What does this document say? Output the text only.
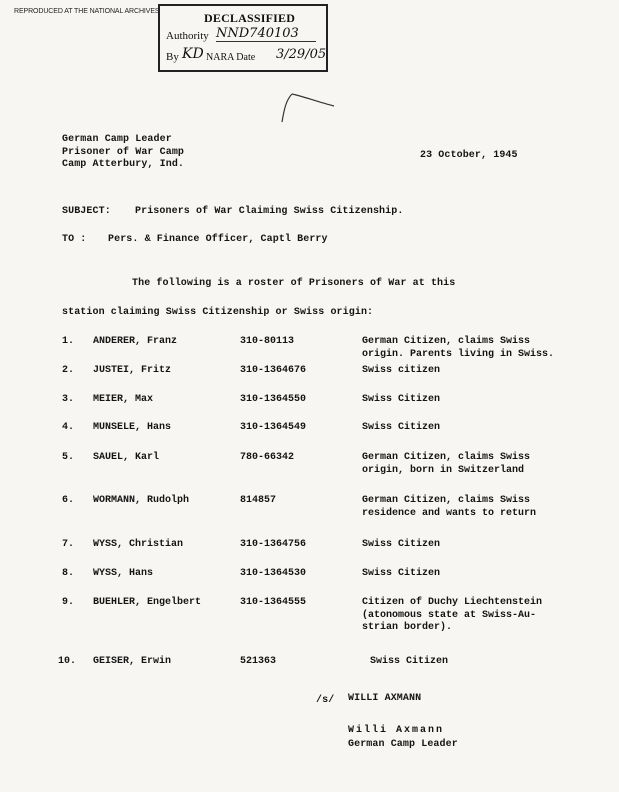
REPRODUCED AT THE NATIONAL ARCHIVES	DECLASSIFIED
Authority NND740103
By KD NARA Date 3/29/05
German Camp Leader
Prisoner of War Camp
Camp Atterbury, Ind.
23 October, 1945
SUBJECT: Prisoners of War Claiming Swiss Citizenship.
TO : Pers. & Finance Officer, Captl Berry
The following is a roster of Prisoners of War at this
station claiming Swiss Citizenship or Swiss origin:
1. ANDERER, Franz	310-80113	German Citizen, claims Swiss
origin. Parents living in Swiss.
2. JUSTEI, Fritz	310-1364676	Swiss citizen
3. MEIER, Max	310-1364550	Swiss Citizen
4. MUNSELE, Hans	310-1364549	Swiss Citizen
5. SAUEL, Karl	780-66342	German Citizen, claims Swiss
origin, born in Switzerland
6. WORMANN, Rudolph	814857	German Citizen, claims Swiss
residence and wants to return
7. WYSS, Christian	310-1364756	Swiss Citizen
8. WYSS, Hans	310-1364530	Swiss Citizen
9. BUEHLER, Engelbert	310-1364555	Citizen of Duchy Liechtenstein
(atonomous state at Swiss-Au-
strian border).
10. GEISER, Erwin	521363	Swiss Citizen
/s/ WILLI AXMANN
Willi Axmann
German Camp Leader
